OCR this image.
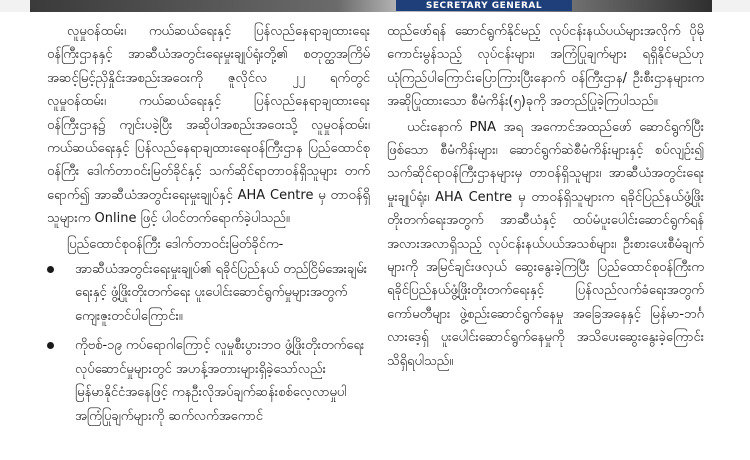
SECRETARY GENERAL

လူမှုဝန်ထမ်း၊ ကယ်ဆယ်ရေးနှင့် ပြန်လည်နေရာချထားရေးဝန်ကြီးဌာနနှင့် အာဆီယံအတွင်းရေးမှုးချုပ်ရုံးတို့၏ စတုတ္ထအကြိမ် အဆင့်မြင့်ညှိနှိုင်းအစည်းအဝေးကို ဇူလိုင်လ ၂၂ ရက်တွင် လူမှုဝန်ထမ်း၊ ကယ်ဆယ်ရေးနှင့် ပြန်လည်နေရာချထားရေးဝန်ကြီးဌာန၌ ကျင်းပခဲ့ပြီး အဆိုပါအစည်းအဝေးသို့ လူမှုဝန်ထမ်း၊ ကယ်ဆယ်ရေးနှင့် ပြန်လည်နေရာချထားရေးဝန်ကြီးဌာန ပြည်ထောင်စုဝန်ကြီး ဒေါက်တာဝင်းမြတ်ခိုင်နှင့် သက်ဆိုင်ရာတာဝန်ရှိသူများ တက်ရောက်၍ အာဆီယံအတွင်းရေးမှုးချုပ်နှင့် AHA Centre မှ တာဝန်ရှိသူများက Online ဖြင့် ပါဝင်တက်ရောက်ခဲ့ပါသည်။

ပြည်ထောင်စုဝန်ကြီး ဒေါက်တာဝင်းမြတ်ခိုင်က-

အာဆီယံအတွင်းရေးမှုးချုပ်၏ ရခိုင်ပြည်နယ် တည်ငြိမ်အေးချမ်းရေးနှင့် ဖွံ့ဖြိုးတိုးတက်ရေး ပူးပေါင်းဆောင်ရွက်မှုများအတွက် ကျေးဇူးတင်ပါကြောင်း။
ကိုဗစ်-၁၉ ကပ်ရောဂါကြောင့် လူမှုစီးပွားဘဝ ဖွံ့ဖြိုးတိုးတက်ရေးလုပ်ဆောင်မှုများတွင် အဟန့်အတားများရှိခဲ့သော်လည်း မြန်မာနိုင်ငံအနေဖြင့် ကနဦးလိုအပ်ချက်ဆန်းစစ်လေ့လာမှုပါ အကြံပြုချက်များကို ဆက်လက်အကောင်

ထည်ဖော်ရန် ဆောင်ရွက်နိုင်မည့် လုပ်ငန်းနယ်ပယ်များအလိုက် ပိုမိုကောင်းမွန်သည့် လုပ်ငန်းများ၊ အကြံပြုချက်များ ရရှိနိုင်မည်ဟု ယုံကြည်ပါကြောင်းပြောကြားပြီးနောက် ဝန်ကြီးဌာန/ ဦးစီးဌာနများက အဆိုပြုထားသော စီမံကိန်း(၅)ခုကို အတည်ပြုခဲ့ကြပါသည်။

ယင်းနောက် PNA အရ အကောင်အထည်ဖော် ဆောင်ရွက်ပြီးဖြစ်သော စီမံကိန်းများ၊ ဆောင်ရွက်ဆဲစီမံကိန်းများနှင့် စပ်လျဉ်း၍ သက်ဆိုင်ရာဝန်ကြီးဌာနများမှ တာဝန်ရှိသူများ၊ အာဆီယံအတွင်းရေးမှုးချုပ်ရုံး၊ AHA Centre မှ တာဝန်ရှိသူများက ရခိုင်ပြည်နယ်ဖွံ့ဖြိုးတိုးတက်ရေးအတွက် အာဆီယံနှင့် ထပ်မံပူးပေါင်းဆောင်ရွက်ရန် အလားအလာရှိသည့် လုပ်ငန်းနယ်ပယ်အသစ်များ၊ ဦးစားပေးစီမံချက်များကို အမြင်ချင်းဖလှယ် ဆွေးနွေးခဲ့ကြပြီး ပြည်ထောင်စုဝန်ကြီးက ရခိုင်ပြည်နယ်ဖွံ့ဖြိုးတိုးတက်ရေးနှင့် ပြန်လည်လက်ခံရေးအတွက် ကော်မတီများ ဖွဲ့စည်းဆောင်ရွက်နေမှု အခြေအနေနှင့် မြန်မာ-ဘင်္ဂလားဒေ့ရှ် ပူးပေါင်းဆောင်ရွက်နေမှုကို အသိပေးဆွေးနွေးခဲ့ကြောင်း သိရှိရပါသည်။
